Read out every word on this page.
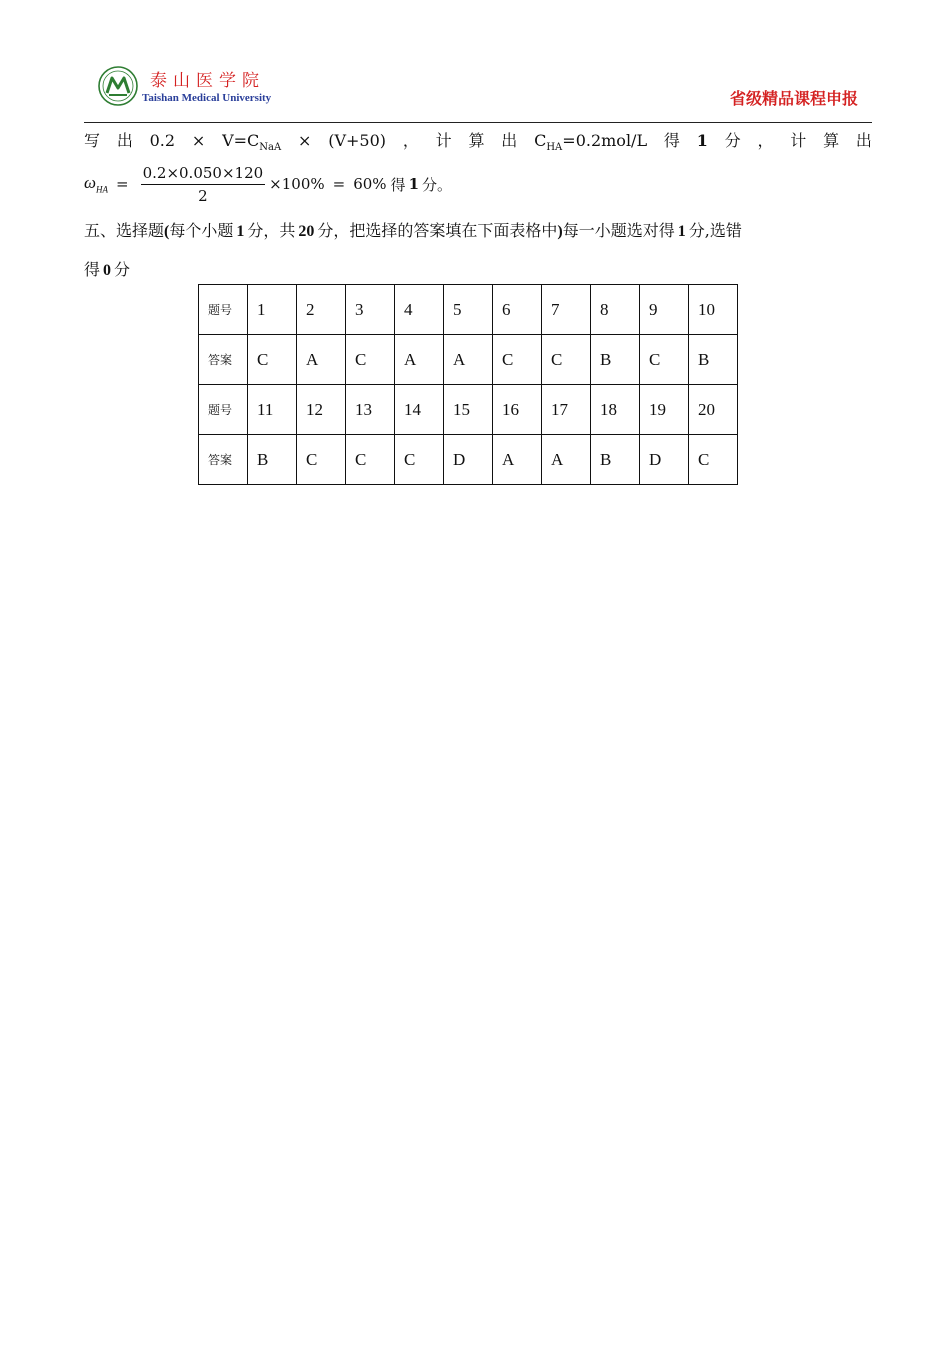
泰山医学院
Taishan Medical University	省级精品课程申报
写 出 $0.2 \times V=C_{NaA} \times (V+50)$ ， 计 算 出 $C_{HA}=0.2mol/L$ 得 1 分 ， 计 算 出
$\omega_{HA} = \frac{0.2\times 0.050\times 120}{2} \times 100\% = 60\%$ 得 1 分。
五、选择题(每个小题 1 分，共 20 分，把选择的答案填在下面表格中)每一小题选对得 1 分,选错
得 0 分
题号	1	2	3	4	5	6	7	8	9	10
答案	C	A	C	A	A	C	C	B	C	B
题号	11	12	13	14	15	16	17	18	19	20
答案	B	C	C	C	D	A	A	B	D	C
